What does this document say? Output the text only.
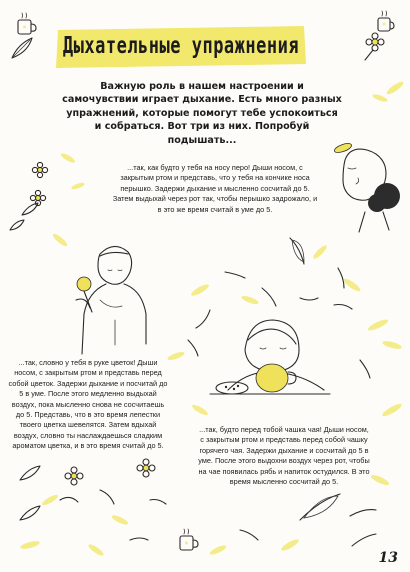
Дыхательные упражнения
Важную роль в нашем настроении и самочувствии играет дыхание. Есть много разных упражнений, которые помогут тебе успокоиться и собраться. Вот три из них. Попробуй подышать...
...так, как будто у тебя на носу перо! Дыши носом, с закрытым ртом и представь, что у тебя на кончике носа перышко. Задержи дыхание и мысленно сосчитай до 5. Затем выдыхай через рот так, чтобы перышко задрожало, и в это же время считай в уме до 5.
...так, словно у тебя в руке цветок! Дыши носом, с закрытым ртом и представь перед собой цветок. Задержи дыхание и посчитай до 5 в уме. После этого медленно выдыхай воздух, пока мысленно снова не сосчитаешь до 5. Представь, что в это время лепестки твоего цветка шевелятся. Затем вдыхай воздух, словно ты наслаждаешься сладким ароматом цветка, и в это время считай до 5.
...так, будто перед тобой чашка чая! Дыши носом, с закрытым ртом и представь перед собой чашку горячего чая. Задержи дыхание и сосчитай до 5 в уме. После этого выдохни воздух через рот, чтобы на чае появилась рябь и напиток остудился. В это время мысленно сосчитай до 5.
13
